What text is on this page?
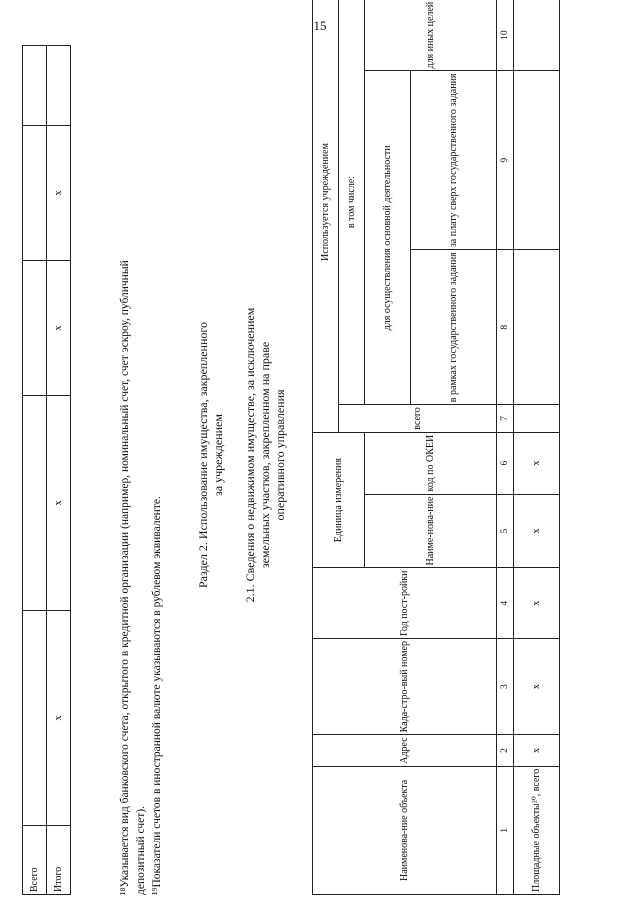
15
Всего					
Итого	x	x	x	x	
¹⁸Указывается вид банковского счета, открытого в кредитной организации (например, номинальный счет, счет эскроу, публичный депозитный счет). ¹⁹Показатели счетов в иностранной валюте указываются в рублевом эквиваленте.
Раздел 2. Использование имущества, закрепленного за учреждением 2.1. Сведения о недвижимом имуществе, за исключением земельных участков, закрепленном на праве оперативного управления
Наименова-ние объекта	Адрес	Када-стро-вый номер	Год пост-ройки	Единица измерения		Используется учреждением		
						всего	в том числе:		
				Наиме-нова-ние	код по ОКЕИ		для осуществления основной деятельности		для иных целей				
							в рамках государственного задания	за плату сверх государственного задания					
1	2	3	4	5	6	7	8	9	10								
Площадные объекты²⁰, всего	x	x	x	x	x												
